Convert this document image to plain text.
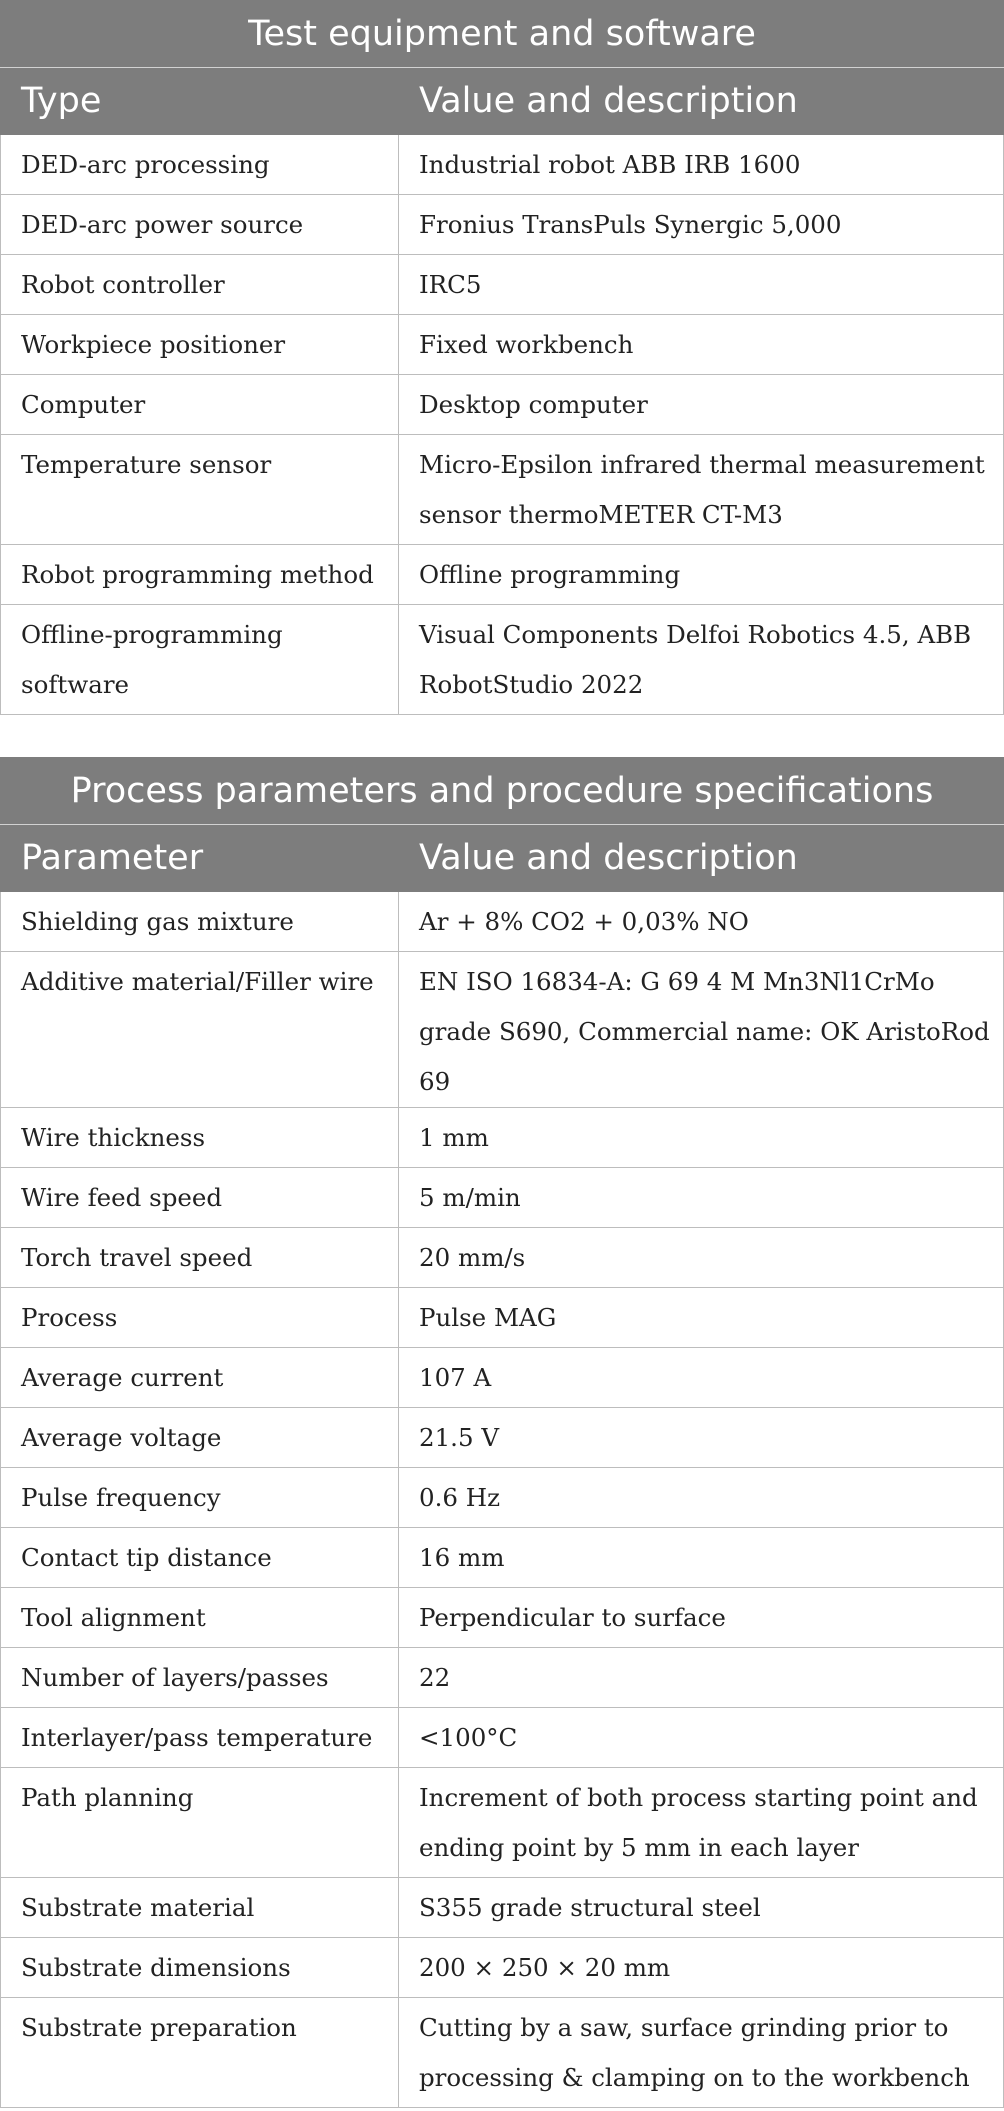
Test equipment and software	
Type	Value and description

DED-arc processing	Industrial robot ABB IRB 1600

DED-arc power source	Fronius TransPuls Synergic 5,000

Robot controller	IRC5

Workpiece positioner	Fixed workbench

Computer	Desktop computer

Temperature sensor	Micro-Epsilon infrared thermal measurement sensor thermoMETER CT-M3

Robot programming method	Offline programming

Offline-programming software	Visual Components Delfoi Robotics 4.5, ABB RobotStudio 2022
Process parameters and procedure specifications	
Parameter	Value and description

Shielding gas mixture	Ar + 8% CO2 + 0,03% NO

Additive material/Filler wire	EN ISO 16834-A: G 69 4 M Mn3Nl1CrMo grade S690, Commercial name: OK AristoRod 69

Wire thickness	1 mm

Wire feed speed	5 m/min

Torch travel speed	20 mm/s

Process	Pulse MAG

Average current	107 A

Average voltage	21.5 V

Pulse frequency	0.6 Hz

Contact tip distance	16 mm

Tool alignment	Perpendicular to surface

Number of layers/passes	22

Interlayer/pass temperature	<100°C

Path planning	Increment of both process starting point and ending point by 5 mm in each layer

Substrate material	S355 grade structural steel

Substrate dimensions	200 × 250 × 20 mm

Substrate preparation	Cutting by a saw, surface grinding prior to processing & clamping on to the workbench
